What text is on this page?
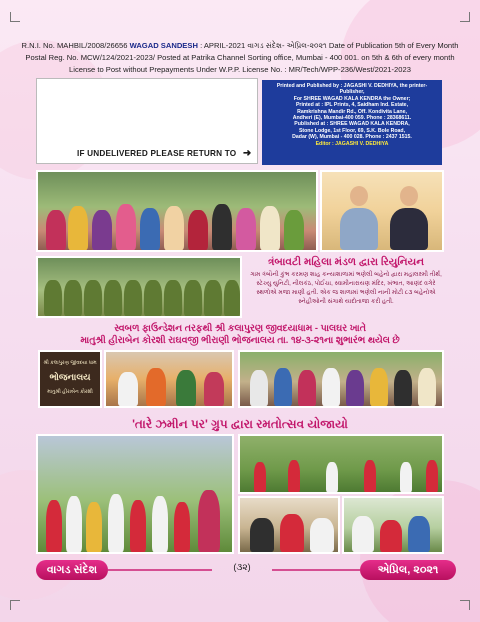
R.N.I. No. MAHBIL/2008/26656 WAGAD SANDESH : APRIL-2021 વાગડ સંદેશ- એપ્રિલ-૨૦૨૧ Date of Publication 5th of Every Month
Postal Reg. No. MCW/124/2021-2023/ Posted at Patrika Channel Sorting office, Mumbai - 400 001. on 5th & 6th of every month
License to Post without Prepayments Under W.P.P. License No. : MR/Tech/WPP-236/West/2021-2023
IF UNDELIVERED PLEASE RETURN TO ➜
Printed and Published by : JAGASHI V. DEDHIYA, the printer-Publisher,
For SHREE WAGAD KALA KENDRA the Owner;
Printed at : IPL Prints, 4, Saidham Ind. Estate,
Ramkrishna Mandir Rd., Off. Kondivita Lane,
Andheri (E), Mumbai-400 059. Phone : 28368611.
Published at : SHREE WAGAD KALA KENDRA,
Stone Lodge, 1st Floor, 69, S.K. Bole Road,
Dadar (W), Mumbai - 400 028. Phone : 2437 1515.
Editor : JAGASHI V. DEDHIYA
ત્રંબાવટી મહિલા મંડળ દ્વારા રિયુનિયન
ગામ ત્રંબૌની કુંભ કરમણ શાહ કન્યાશાળામાં ભણેલી બહેનો દ્વારા મહાલક્ષ્મી તીર્થ, સ્ટેચ્યુ યુનિટી, નીલકંઠ, પોઈચા, સ્વામીનારાયણ મંદિર, ખંભાત, આણંદ વગેરે સ્થળોએ મજા માણી હતી. એક જ શાળામાં ભણેલી નાની મોટી ૮૩ બહેનોએ સ્નેહીઓની સંગાથે યાદોતાજા કરી હતી.
સ્વબળ ફાઉન્ડેશન તરફથી શ્રી કલાપુરણ જીવદયાધામ - પાલઘર ખાતે
માતુશ્રી હીરાબેન કોરશી રાઘવજી ભીરાણી ભોજનાલય તા. ૧૪-૩-૨૧ના શુભારંભ થયેલ છે
શ્રી કલાપુરણ જીવદયા ધામ
ભોજનાલય
માતુશ્રી હીરાબેન કોરશી
'તારે ઝમીન પર' ગ્રુપ દ્વારા રમતોત્સવ યોજાયો
વાગડ સંદેશ	(૩૨)	એપ્રિલ, ૨૦૨૧
